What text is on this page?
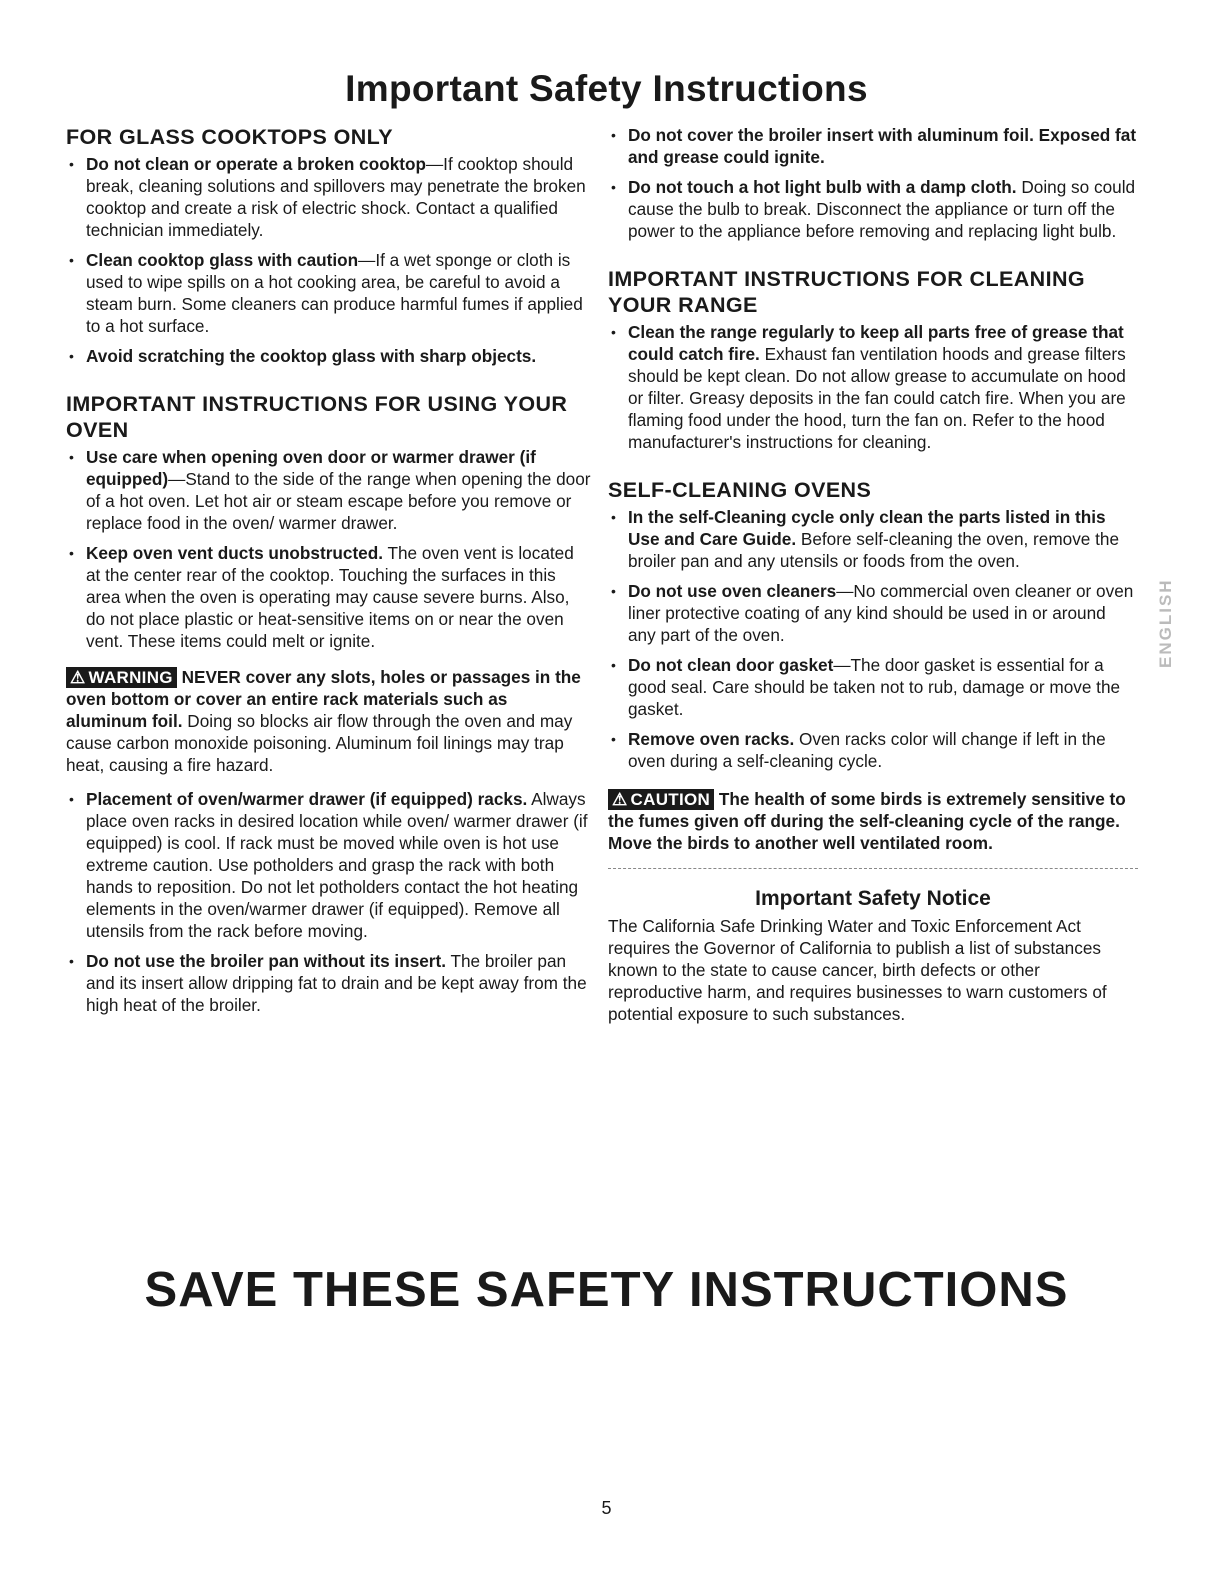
Important Safety Instructions
FOR GLASS COOKTOPS ONLY
• Do not clean or operate a broken cooktop—If cooktop should break, cleaning solutions and spillovers may penetrate the broken cooktop and create a risk of electric shock. Contact a qualified technician immediately.
• Clean cooktop glass with caution—If a wet sponge or cloth is used to wipe spills on a hot cooking area, be careful to avoid a steam burn. Some cleaners can produce harmful fumes if applied to a hot surface.
• Avoid scratching the cooktop glass with sharp objects.
IMPORTANT INSTRUCTIONS FOR USING YOUR OVEN
• Use care when opening oven door or warmer drawer (if equipped)—Stand to the side of the range when opening the door of a hot oven. Let hot air or steam escape before you remove or replace food in the oven/ warmer drawer.
• Keep oven vent ducts unobstructed. The oven vent is located at the center rear of the cooktop. Touching the surfaces in this area when the oven is operating may cause severe burns. Also, do not place plastic or heat-sensitive items on or near the oven vent. These items could melt or ignite.

⚠ WARNING NEVER cover any slots, holes or passages in the oven bottom or cover an entire rack materials such as aluminum foil. Doing so blocks air flow through the oven and may cause carbon monoxide poisoning. Aluminum foil linings may trap heat, causing a fire hazard.

• Placement of oven/warmer drawer (if equipped) racks. Always place oven racks in desired location while oven/ warmer drawer (if equipped) is cool. If rack must be moved while oven is hot use extreme caution. Use potholders and grasp the rack with both hands to reposition. Do not let potholders contact the hot heating elements in the oven/warmer drawer (if equipped). Remove all utensils from the rack before moving.
• Do not use the broiler pan without its insert. The broiler pan and its insert allow dripping fat to drain and be kept away from the high heat of the broiler.
• Do not cover the broiler insert with aluminum foil. Exposed fat and grease could ignite.
• Do not touch a hot light bulb with a damp cloth. Doing so could cause the bulb to break. Disconnect the appliance or turn off the power to the appliance before removing and replacing light bulb.
IMPORTANT INSTRUCTIONS FOR CLEANING YOUR RANGE
• Clean the range regularly to keep all parts free of grease that could catch fire. Exhaust fan ventilation hoods and grease filters should be kept clean. Do not allow grease to accumulate on hood or filter. Greasy deposits in the fan could catch fire. When you are flaming food under the hood, turn the fan on. Refer to the hood manufacturer's instructions for cleaning.
SELF-CLEANING OVENS
• In the self-Cleaning cycle only clean the parts listed in this Use and Care Guide. Before self-cleaning the oven, remove the broiler pan and any utensils or foods from the oven.
• Do not use oven cleaners—No commercial oven cleaner or oven liner protective coating of any kind should be used in or around any part of the oven.
• Do not clean door gasket—The door gasket is essential for a good seal. Care should be taken not to rub, damage or move the gasket.
• Remove oven racks. Oven racks color will change if left in the oven during a self-cleaning cycle.

⚠ CAUTION The health of some birds is extremely sensitive to the fumes given off during the self-cleaning cycle of the range. Move the birds to another well ventilated room.

Important Safety Notice

The California Safe Drinking Water and Toxic Enforcement Act requires the Governor of California to publish a list of substances known to the state to cause cancer, birth defects or other reproductive harm, and requires businesses to warn customers of potential exposure to such substances.

ENGLISH
SAVE THESE SAFETY INSTRUCTIONS
5
